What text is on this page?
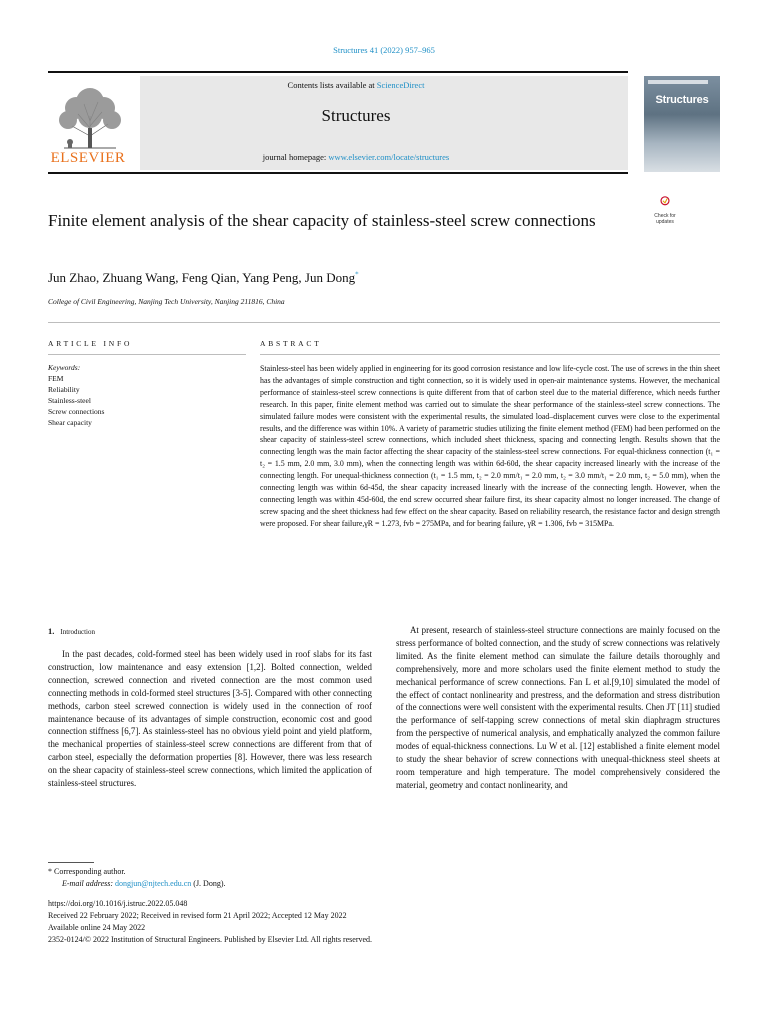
Structures 41 (2022) 957–965
ELSEVIER
Contents lists available at ScienceDirect
Structures
journal homepage: www.elsevier.com/locate/structures
Structures
Check for
updates
Finite element analysis of the shear capacity of stainless-steel screw connections
Jun Zhao, Zhuang Wang, Feng Qian, Yang Peng, Jun Dong*
College of Civil Engineering, Nanjing Tech University, Nanjing 211816, China
ARTICLE INFO
Keywords:
FEM
Reliability
Stainless-steel
Screw connections
Shear capacity
ABSTRACT
Stainless-steel has been widely applied in engineering for its good corrosion resistance and low life-cycle cost. The use of screws in the thin sheet has the advantages of simple construction and tight connection, so it is widely used in open-air maintenance systems. However, the mechanical performance of stainless-steel screw connections is quite different from that of carbon steel due to the material difference, which needs further research. In this paper, finite element method was carried out to simulate the shear performance of the stainless-steel screw connections. The simulated failure modes were consistent with the experimental results, the simulated load–displacement curves were close to the experimental results, and the difference was within 10%. A variety of parametric studies utilizing the finite element method (FEM) had been performed on the shear capacity of stainless-steel screw connections, which included sheet thickness, spacing and connecting length. Results shown that the connecting length was the main factor affecting the shear capacity of the stainless-steel screw connections. For equal-thickness connection (t₁ = t₂ = 1.5 mm, 2.0 mm, 3.0 mm), when the connecting length was within 6d-60d, the shear capacity increased linearly with the increase of the connecting length. For unequal-thickness connection (t₁ = 1.5 mm, t₂ = 2.0 mm/t₁ = 2.0 mm, t₂ = 3.0 mm/t₁ = 2.0 mm, t₂ = 5.0 mm), when the connecting length was within 6d-45d, the shear capacity increased linearly with the increase of the connecting length. However, when the connecting length was within 45d-60d, the end screw occurred shear failure first, its shear capacity almost no longer increased. The change of screw spacing and the sheet thickness had few effect on the shear capacity. Based on reliability research, the resistance factor and design strength were proposed. For shear failure,γR = 1.273, fvb = 275MPa, and for bearing failure, γR = 1.306, fvb = 315MPa.
1. Introduction

In the past decades, cold-formed steel has been widely used in roof slabs for its fast construction, low maintenance and easy extension [1,2]. Bolted connection, welded connection, screwed connection and riveted connection are the most common used connecting methods in cold-formed steel structures [3-5]. Compared with other connecting methods, carbon steel screwed connection is widely used in the connection of roof maintenance because of its advantages of simple construction, economic cost and good connection stiffness [6,7]. As stainless-steel has no obvious yield point and yield platform, the mechanical properties of stainless-steel screw connections are different from that of carbon steel, especially the deformation properties [8]. However, there was less research on the shear capacity of stainless-steel screw connections, which limited the application of stainless-steel structures.

At present, research of stainless-steel structure connections are mainly focused on the stress performance of bolted connection, and the study of screw connections was relatively limited. As the finite element method can simulate the failure details thoroughly and comprehensively, more and more scholars used the finite element method to study the mechanical performance of screw connections. Fan L et al.[9,10] simulated the model of the effect of contact nonlinearity and prestress, and the deformation and stress distribution of the connections were well consistent with the experimental results. Chen JT [11] studied the performance of self-tapping screw connections of metal skin diaphragm structures from the perspective of numerical analysis, and emphatically analyzed the common failure modes of equal-thickness connections. Lu W et al. [12] established a finite element model to study the shear behavior of screw connections with unequal-thickness steel sheets at room temperature and high temperature. The model comprehensively considered the material, geometry and contact nonlinearity, and

* Corresponding author.
E-mail address: dongjun@njtech.edu.cn (J. Dong).
https://doi.org/10.1016/j.istruc.2022.05.048
Received 22 February 2022; Received in revised form 21 April 2022; Accepted 12 May 2022
Available online 24 May 2022
2352-0124/© 2022 Institution of Structural Engineers. Published by Elsevier Ltd. All rights reserved.
